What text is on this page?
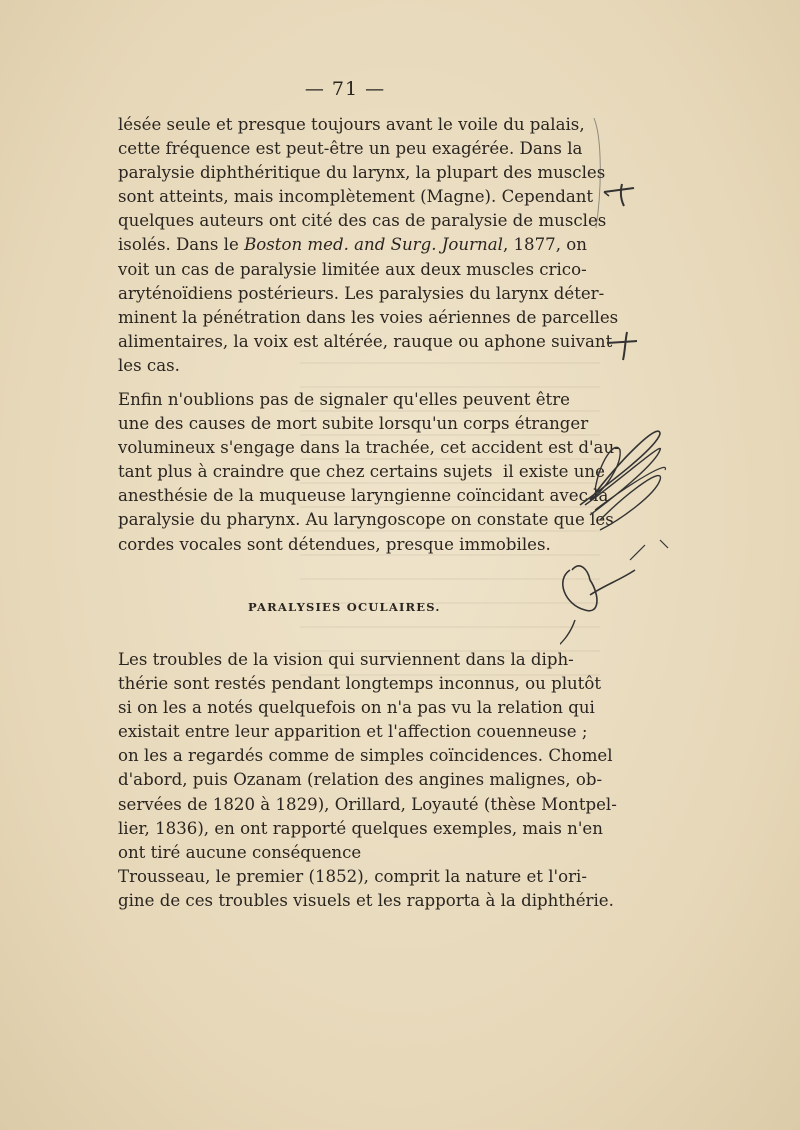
— 71 —
lésée seule et presque toujours avant le voile du palais,
cette fréquence est peut-être un peu exagérée. Dans la
paralysie diphthéritique du larynx, la plupart des muscles
sont atteints, mais incomplètement (Magne). Cependant
quelques auteurs ont cité des cas de paralysie de muscles
isolés. Dans le Boston med. and Surg. Journal , 1877, on
voit un cas de paralysie limitée aux deux muscles crico-
aryténoïdiens postérieurs. Les paralysies du larynx déter-
minent la pénétration dans les voies aériennes de parcelles
alimentaires, la voix est altérée, rauque ou aphone suivant
les cas.
Enfin n'oublions pas de signaler qu'elles peuvent être
une des causes de mort subite lorsqu'un corps étranger
volumineux s'engage dans la trachée, cet accident est d'au-
tant plus à craindre que chez certains sujets  il existe une
anesthésie de la muqueuse laryngienne coïncidant avec la
paralysie du pharynx. Au laryngoscope on constate que les
cordes vocales sont détendues, presque immobiles.
PARALYSIES OCULAIRES.
Les troubles de la vision qui surviennent dans la diph-
thérie sont restés pendant longtemps inconnus, ou plutôt
si on les a notés quelquefois on n'a pas vu la relation qui
existait entre leur apparition et l'affection couenneuse ;
on les a regardés comme de simples coïncidences. Chomel
d'abord, puis Ozanam (relation des angines malignes, ob-
servées de 1820 à 1829), Orillard, Loyauté (thèse Montpel-
lier, 1836), en ont rapporté quelques exemples, mais n'en
ont tiré aucune conséquence
Trousseau, le premier (1852), comprit la nature et l'ori-
gine de ces troubles visuels et les rapporta à la diphthérie.
